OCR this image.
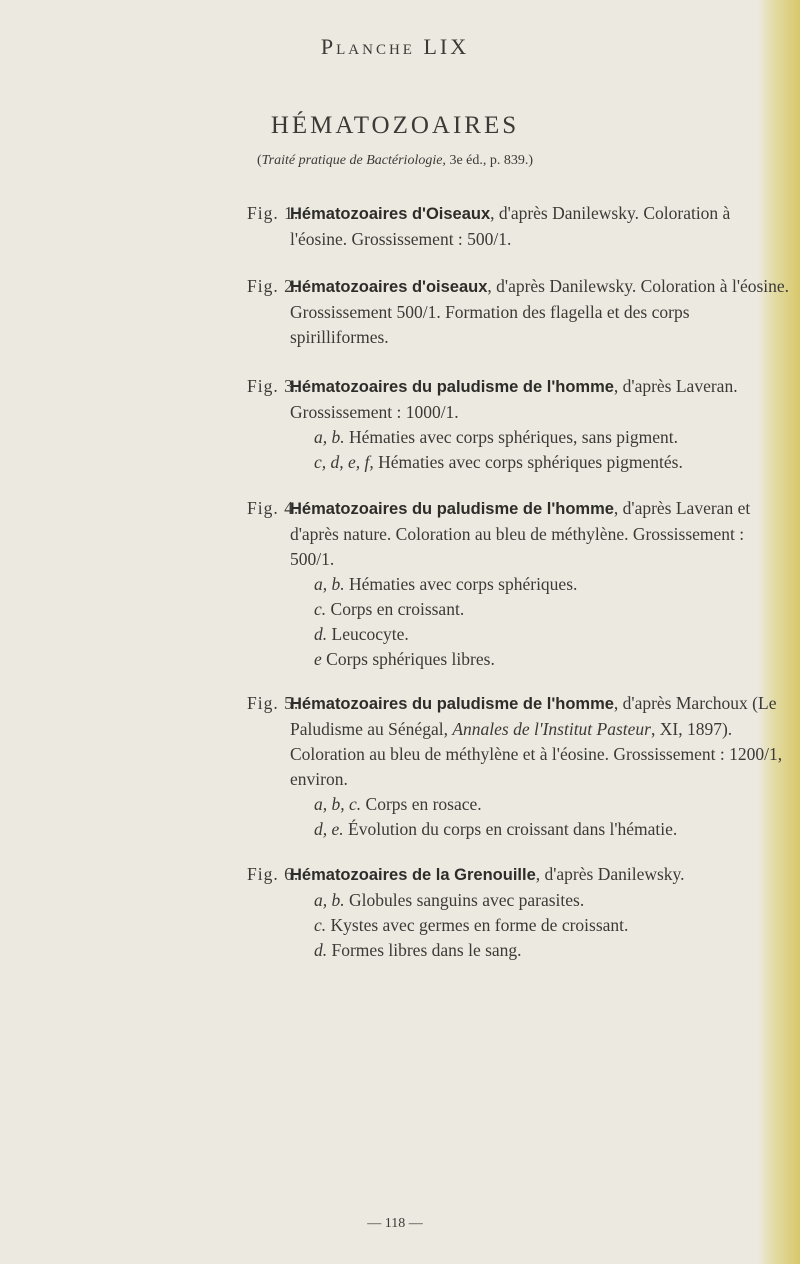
Planche LIX
HÉMATOZOAIRES
(Traité pratique de Bactériologie, 3e éd., p. 839.)
Fig. 1.
Hématozoaires d'Oiseaux, d'après Danilewsky. Coloration à l'éosine. Grossissement : 500/1.
Fig. 2.
Hématozoaires d'oiseaux, d'après Danilewsky. Coloration à l'éosine. Grossissement 500/1. Formation des flagella et des corps spirilliformes.
Fig. 3.
Hématozoaires du paludisme de l'homme, d'après Laveran. Grossissement : 1000/1.
a, b. Hématies avec corps sphériques, sans pigment.
c, d, e, f, Hématies avec corps sphériques pigmentés.
Fig. 4.
Hématozoaires du paludisme de l'homme, d'après Laveran et d'après nature. Coloration au bleu de méthylène. Grossissement : 500/1.
a, b. Hématies avec corps sphériques.
c. Corps en croissant.
d. Leucocyte.
e Corps sphériques libres.
Fig. 5.
Hématozoaires du paludisme de l'homme, d'après Marchoux (Le Paludisme au Sénégal, Annales de l'Institut Pasteur, XI, 1897). Coloration au bleu de méthylène et à l'éosine. Grossissement : 1200/1, environ.
a, b, c. Corps en rosace.
d, e. Évolution du corps en croissant dans l'hématie.
Fig. 6.
Hématozoaires de la Grenouille, d'après Danilewsky.
a, b. Globules sanguins avec parasites.
c. Kystes avec germes en forme de croissant.
d. Formes libres dans le sang.
— 118 —
